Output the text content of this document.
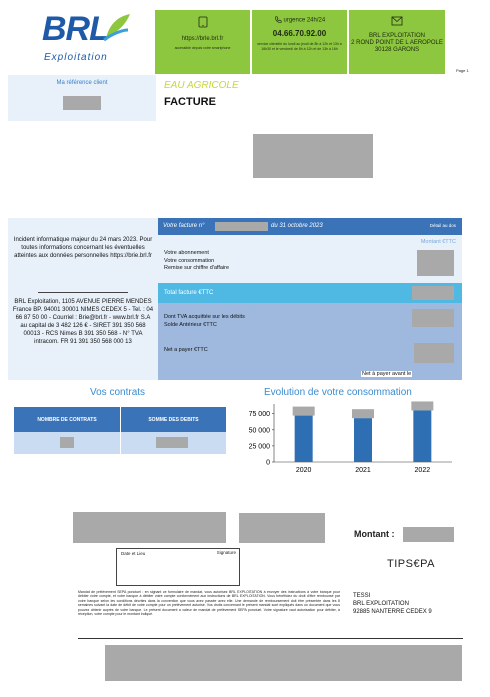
BRL
Exploitation
https://brle.brl.fr
accessible depuis votre smartphone
urgence 24h/24
04.66.70.92.00
service clientèle du lundi au jeudi de 8h à 12h et 13h à 16h30 et le vendredi de 8h à 12h et de 13h à 16h
BRL EXPLOITATION
2 ROND POINT DE L AEROPOLE
30128 GARONS
Page 1
Ma référence client	EAU AGRICOLE
FACTURE
Incident informatique majeur du 24 mars 2023. Pour toutes informations concernant les éventuelles atteintes aux données personnelles https://brie.brl.fr
BRL Exploitation, 1105 AVENUE PIERRE MENDES France BP. 94001 30001 NIMES CEDEX 5 - Tel. : 04 66 87 50 00 - Courriel : Brie@brl.fr - www.brl.fr S.A au capital de 3 482 126 € - SIRET 391 350 568 00013 - RCS Nimes B 391 350 568 - N° TVA intracom. FR 91 391 350 568 000 13
Votre facture n°	du 31 octobre 2023	Détail au dos
Montant €TTC
Votre abonnement
Votre consommation
Remise sur chiffre d'affaire
Total facture €TTC
Dont TVA acquittée sur les débits
Solde Antérieur €TTC
Net a payer €TTC
Net à payer avant le
Vos contrats
NOMBRE DE CONTRATS	SOMME DES DEBITS
Evolution de votre consommation
0
25 000
50 000
75 000
2020	2021	2022
Montant :
Date et Lieu	Signature
TIPS€PA
Mandat de prélèvement SEPA ponctuel : en signant ce formulaire de mandat, vous autorisez BRL EXPLOITATION à envoyer des instructions à votre banque pour débiter votre compte, et votre banque à débiter votre compte conformément aux instructions de BRL EXPLOITATION. Vous bénéficiez du droit d'être remboursé par votre banque selon les conditions décrites dans la convention que vous avez passée avec elle. Une demande de remboursement doit être présentée dans les 8 semaines suivant la date de débit de votre compte pour un prélèvement autorisé. Vos droits concernant le présent mandat sont expliqués dans un document que vous pouvez obtenir auprès de votre banque. Le présent document a valeur de mandat de prélèvement SEPA ponctuel. Votre signature vaut autorisation pour débiter, à réception, votre compte pour le montant indiqué.
TESSI
BRL EXPLOITATION
92885 NANTERRE CEDEX 9
